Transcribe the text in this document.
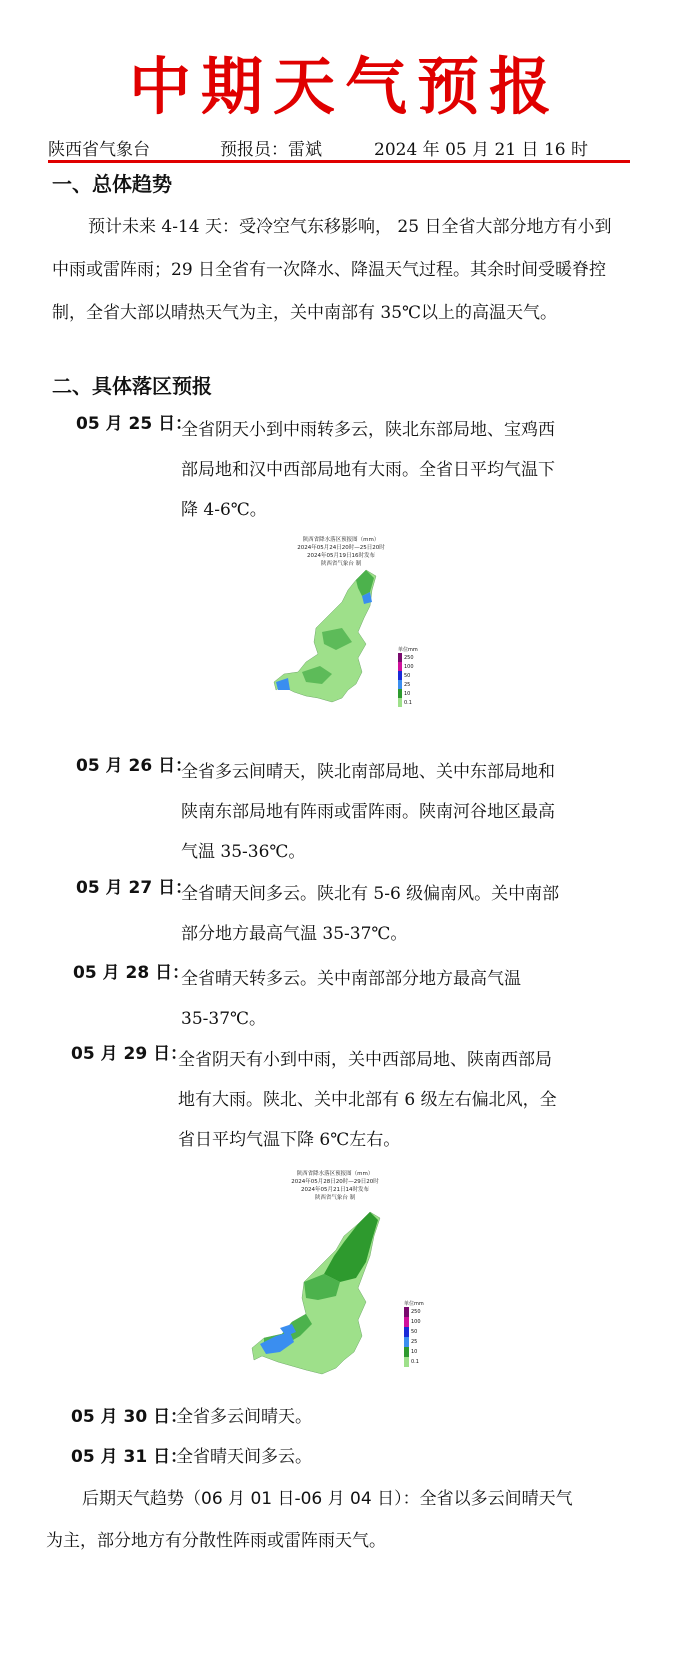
中期天气预报
陕西省气象台	预报员：雷斌	2024 年 05 月 21 日 16 时
一、总体趋势

预计未来 4-14 天：受冷空气东移影响， 25 日全省大部分地方有小到中雨或雷阵雨；29 日全省有一次降水、降温天气过程。其余时间受暖脊控制，全省大部以晴热天气为主，关中南部有 35℃以上的高温天气。

二、具体落区预报
05 月 25 日：
全省阴天小到中雨转多云，陕北东部局地、宝鸡西
部局地和汉中西部局地有大雨。全省日平均气温下
降 4-6℃。
陕西省降水落区预报图（mm）
2024年05月24日20时—25日20时
2024年05月19日16时发布
陕西省气象台 制
单位mm
250
100
50
25
10
0.1
05 月 26 日：
全省多云间晴天，陕北南部局地、关中东部局地和
陕南东部局地有阵雨或雷阵雨。陕南河谷地区最高
气温 35-36℃。
05 月 27 日：
全省晴天间多云。陕北有 5-6 级偏南风。关中南部
部分地方最高气温 35-37℃。
05 月 28 日：
全省晴天转多云。关中南部部分地方最高气温
35-37℃。
05 月 29 日：
全省阴天有小到中雨，关中西部局地、陕南西部局
地有大雨。陕北、关中北部有 6 级左右偏北风，全
省日平均气温下降 6℃左右。
陕西省降水落区预报图（mm）
2024年05月28日20时—29日20时
2024年05月21日14时发布
陕西省气象台 制
单位mm
250
100
50
25
10
0.1
05 月 30 日：
全省多云间晴天。
05 月 31 日：
全省晴天间多云。

后期天气趋势（06 月 01 日-06 月 04 日）：全省以多云间晴天气为主，部分地方有分散性阵雨或雷阵雨天气。
